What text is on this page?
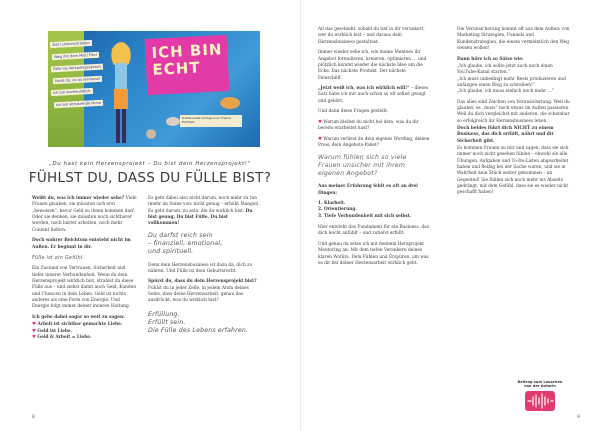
Ziel / Unterschrieben
Weg mit dem Mist! Fünf
Fülle ins Verkaufsgespräch
Nicht du, es ist niemand!
Ich bin ecofreundlich
Ich bin Vorsitzende Perso
ICH BIN ECHT
Traditionelle Collage zum Thema Echtheit
„Du hast kein Herzensprojekt – Du bist dein Herzensprojekt!“
FÜHLST DU, DASS DU FÜLLE BIST?

Weißt du, was ich immer wieder sehe? Viele Frauen glauben, sie müssten sich erst „beweisen“, bevor Geld zu ihnen kommen darf. Oder sie denken, sie müssten noch sichtbarer werden, noch härter arbeiten, noch mehr Content liefern.

Doch wahrer Reichtum entsteht nicht im Außen. Er beginnt in dir.

Fülle ist ein Gefühl.

Ein Zustand von Vertrauen, Sicherheit und tiefer innerer Verbundenheit. Wenn du dein Herzensprojekt wirklich bist, strahlst du diese Fülle aus – und ziehst damit auch Geld, Kunden und Chancen in dein Leben. Geld ist nichts anderes als eine Form von Energie. Und Energie folgt immer deiner inneren Haltung.

Ich gebe dabei sogar so weit zu sagen:

♥ Arbeit ist sichtbar gemachte Liebe.
♥ Geld ist Liebe.
♥ Geld & Arbeit = Liebe.

Es geht dabei also nicht darum, noch mehr zu tun (mehr im Sinne von: nicht genug – erhöht Mangel). Es geht darum, zu sein, die du wirklich bist. Du bist genug. Du bist Fülle. Du bist vollkommen!

Du darfst reich sein
– finanziell, emotional,
und spirituell.

Denn dein Herzensbusiness ist dazu da, dich zu nähren. Und Fülle ist dein Geburtsrecht.

Spürst du, dass du dein Herzensprojekt bist? Fühlst du in jeder Zelle, in jedem Atom deines Seins, dass deine Herzensarbeit, genau das ausdrückt, was du wirklich bist?

Erfüllung.
Erfüllt sein.
Die Fülle des Lebens erfahren.
8

All das geschieht, sobald du tief in dir verankert, wer du wirklich bist – und daraus dein Herzensbusiness gestaltest.

Immer wieder sehe ich, wie meine Mentees ihr Angebot formulieren, kreieren, optimieren … und plötzlich kommt wieder die nächste Idee um die Ecke. Das nächste Produkt. Der nächste Feinschliff.

„Jetzt weiß ich, was ich wirklich will!“ – dieses Satz habe ich mir auch schon so oft selbst gesagt und gehört.

Und dann diese Fragen gestellt:

♥ Warum bleibst du nicht bei dem, was du dir bereits erarbeitet hast?

♥ Warum verliest du dein eigenes Wording, deinen Preis, dein Angebots-Paket?

Warum fühlen sich so viele
Frauen unsicher mit ihrem
eigenen Angebot?

Aus meiner Erfahrung fehlt es oft an drei Dingen:

1. Klarheit.
2. Orientierung.
3. Tiefe Verbundenheit mit sich selbst.

Hier entsteht das Fundament für ein Business, das dich leicht anfühlt – und zutiefst erfüllt.

Und genau da setze ich mit meinem Herzprojekt Mentoring an: Mit dem tiefen Verankern deines klaren Wofürs. Dem Fühlen und Erspüren, um was es dir bei deiner Herzensarbeit wirklich geht.

Die Verunsicherung kommt oft aus dem Außen: von Marketing Strategien, Funnels und Kundenstrategien, die einem vermeintlich den Weg weisen wollen!

Dann höre ich so Sätze wie:

„Ich glaube, ich sollte jetzt auch noch einen YouTube-Kanal starten.“
„Ich muss unbedingt mehr Reels produzieren und anfangen einen Blog zu schreiben!“
„Ich glaube, ich muss einfach noch mehr …“

Das alles sind Zeichen von Verunsicherung. Weil du glaubst, es „muss“ noch etwas im Außen passieren. Weil du dich vergleichst mit anderen, die scheinbar so erfolgreich ihr Herzensbusiness leben.

Doch beides führt dich NICHT zu einem Business, das dich erfüllt, nährt und dir Sicherheit gibt.

Es kommen Frauen zu mir und sagen, dass sie sich immer noch nicht gesehen fühlen – obwohl sie alle Übungen, Aufgaben und To-Do-Listen abgearbeitet haben und fleißig bei der Sache waren, und sie in Wahrheit kein Stück weiter gekommen – im Gegenteil! Sie fühlen sich noch mehr ins Abseits gedrängt, mit dem Gefühl, dass sie es wieder nicht geschafft haben!

Beitrag zum Lauschen
von der Autorin
9
